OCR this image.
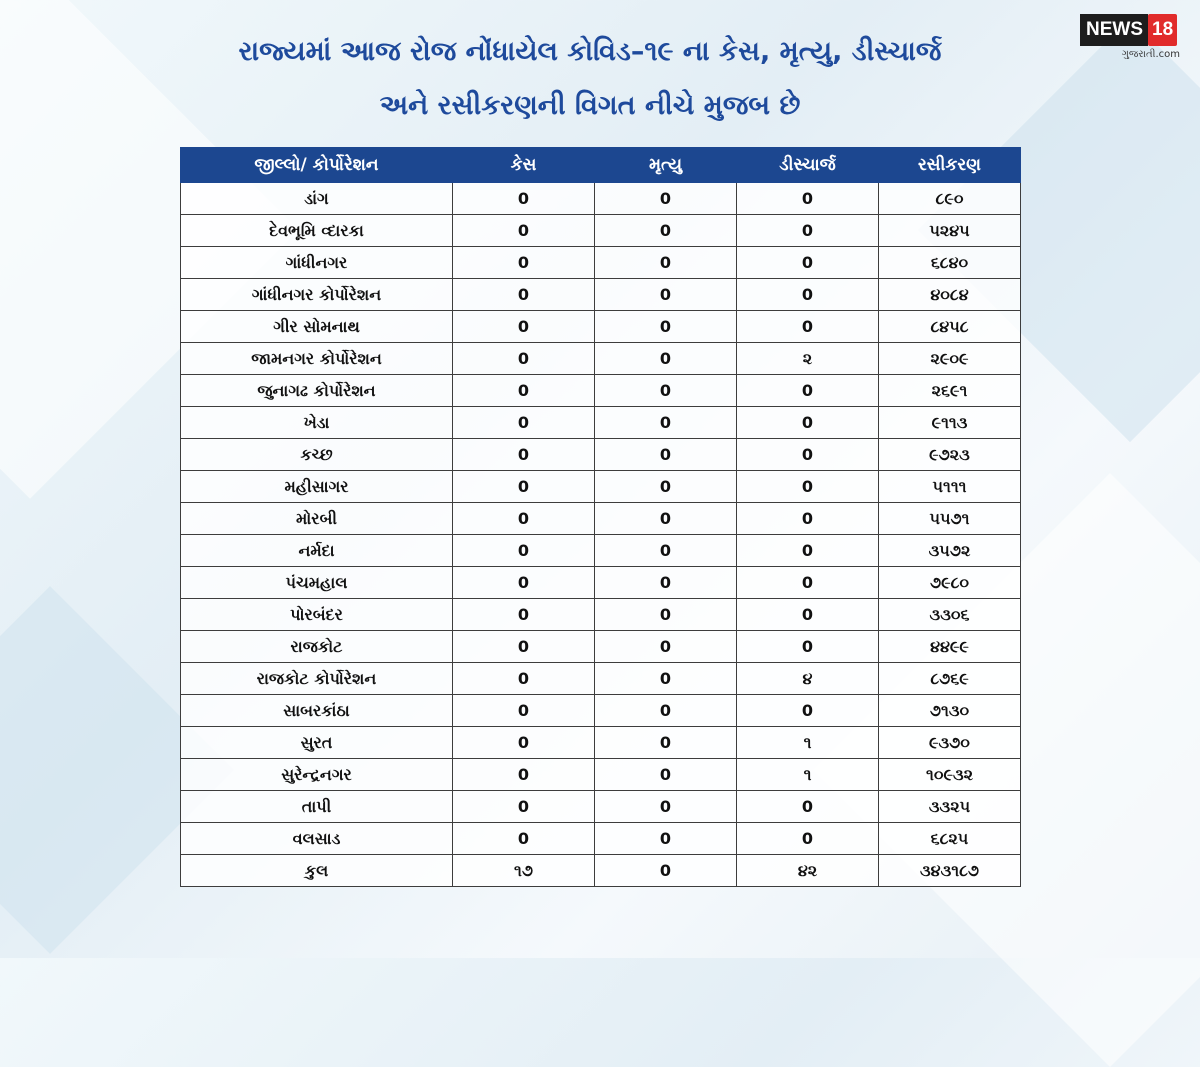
રાજ્યમાં આજ રોજ નોંધાયેલ કોવિડ–૧૯ ના કેસ, મૃત્યુ, ડીસ્ચાર્જ
અને રસીકરણની વિગત નીચે મુજબ છે
NEWS 18
ગુજરાતી.com
જીલ્લો/ કોર્પોરેશન	કેસ	મૃત્યુ	ડીસ્ચાર્જ	રસીકરણ
ડાંગ	0	0	0	૮૯૦
દેવભૂમિ વ્દારકા	0	0	0	૫૨૪૫
ગાંધીનગર	0	0	0	૬૮૪૦
ગાંધીનગર કોર્પોરેશન	0	0	0	૪૦૮૪
ગીર સોમનાથ	0	0	0	૮૪૫૮
જામનગર કોર્પોરેશન	0	0	૨	૨૯૦૯
જુનાગઢ કોર્પોરેશન	0	0	0	૨૬૯૧
ખેડા	0	0	0	૯૧૧૩
કચ્છ	0	0	0	૯૭૨૩
મહીસાગર	0	0	0	૫૧૧૧
મોરબી	0	0	0	૫૫૭૧
નર્મદા	0	0	0	૩૫૭૨
પંચમહાલ	0	0	0	૭૯૮૦
પોરબંદર	0	0	0	૩૩૦૬
રાજકોટ	0	0	0	૪૪૯૯
રાજકોટ કોર્પોરેશન	0	0	૪	૮૭૬૯
સાબરકાંઠા	0	0	0	૭૧૩૦
સુરત	0	0	૧	૯૩૭૦
સુરેન્દ્રનગર	0	0	૧	૧૦૯૩૨
તાપી	0	0	0	૩૩૨૫
વલસાડ	0	0	0	૬૮૨૫
કુલ	૧૭	0	૪૨	૩૪૩૧૮૭
